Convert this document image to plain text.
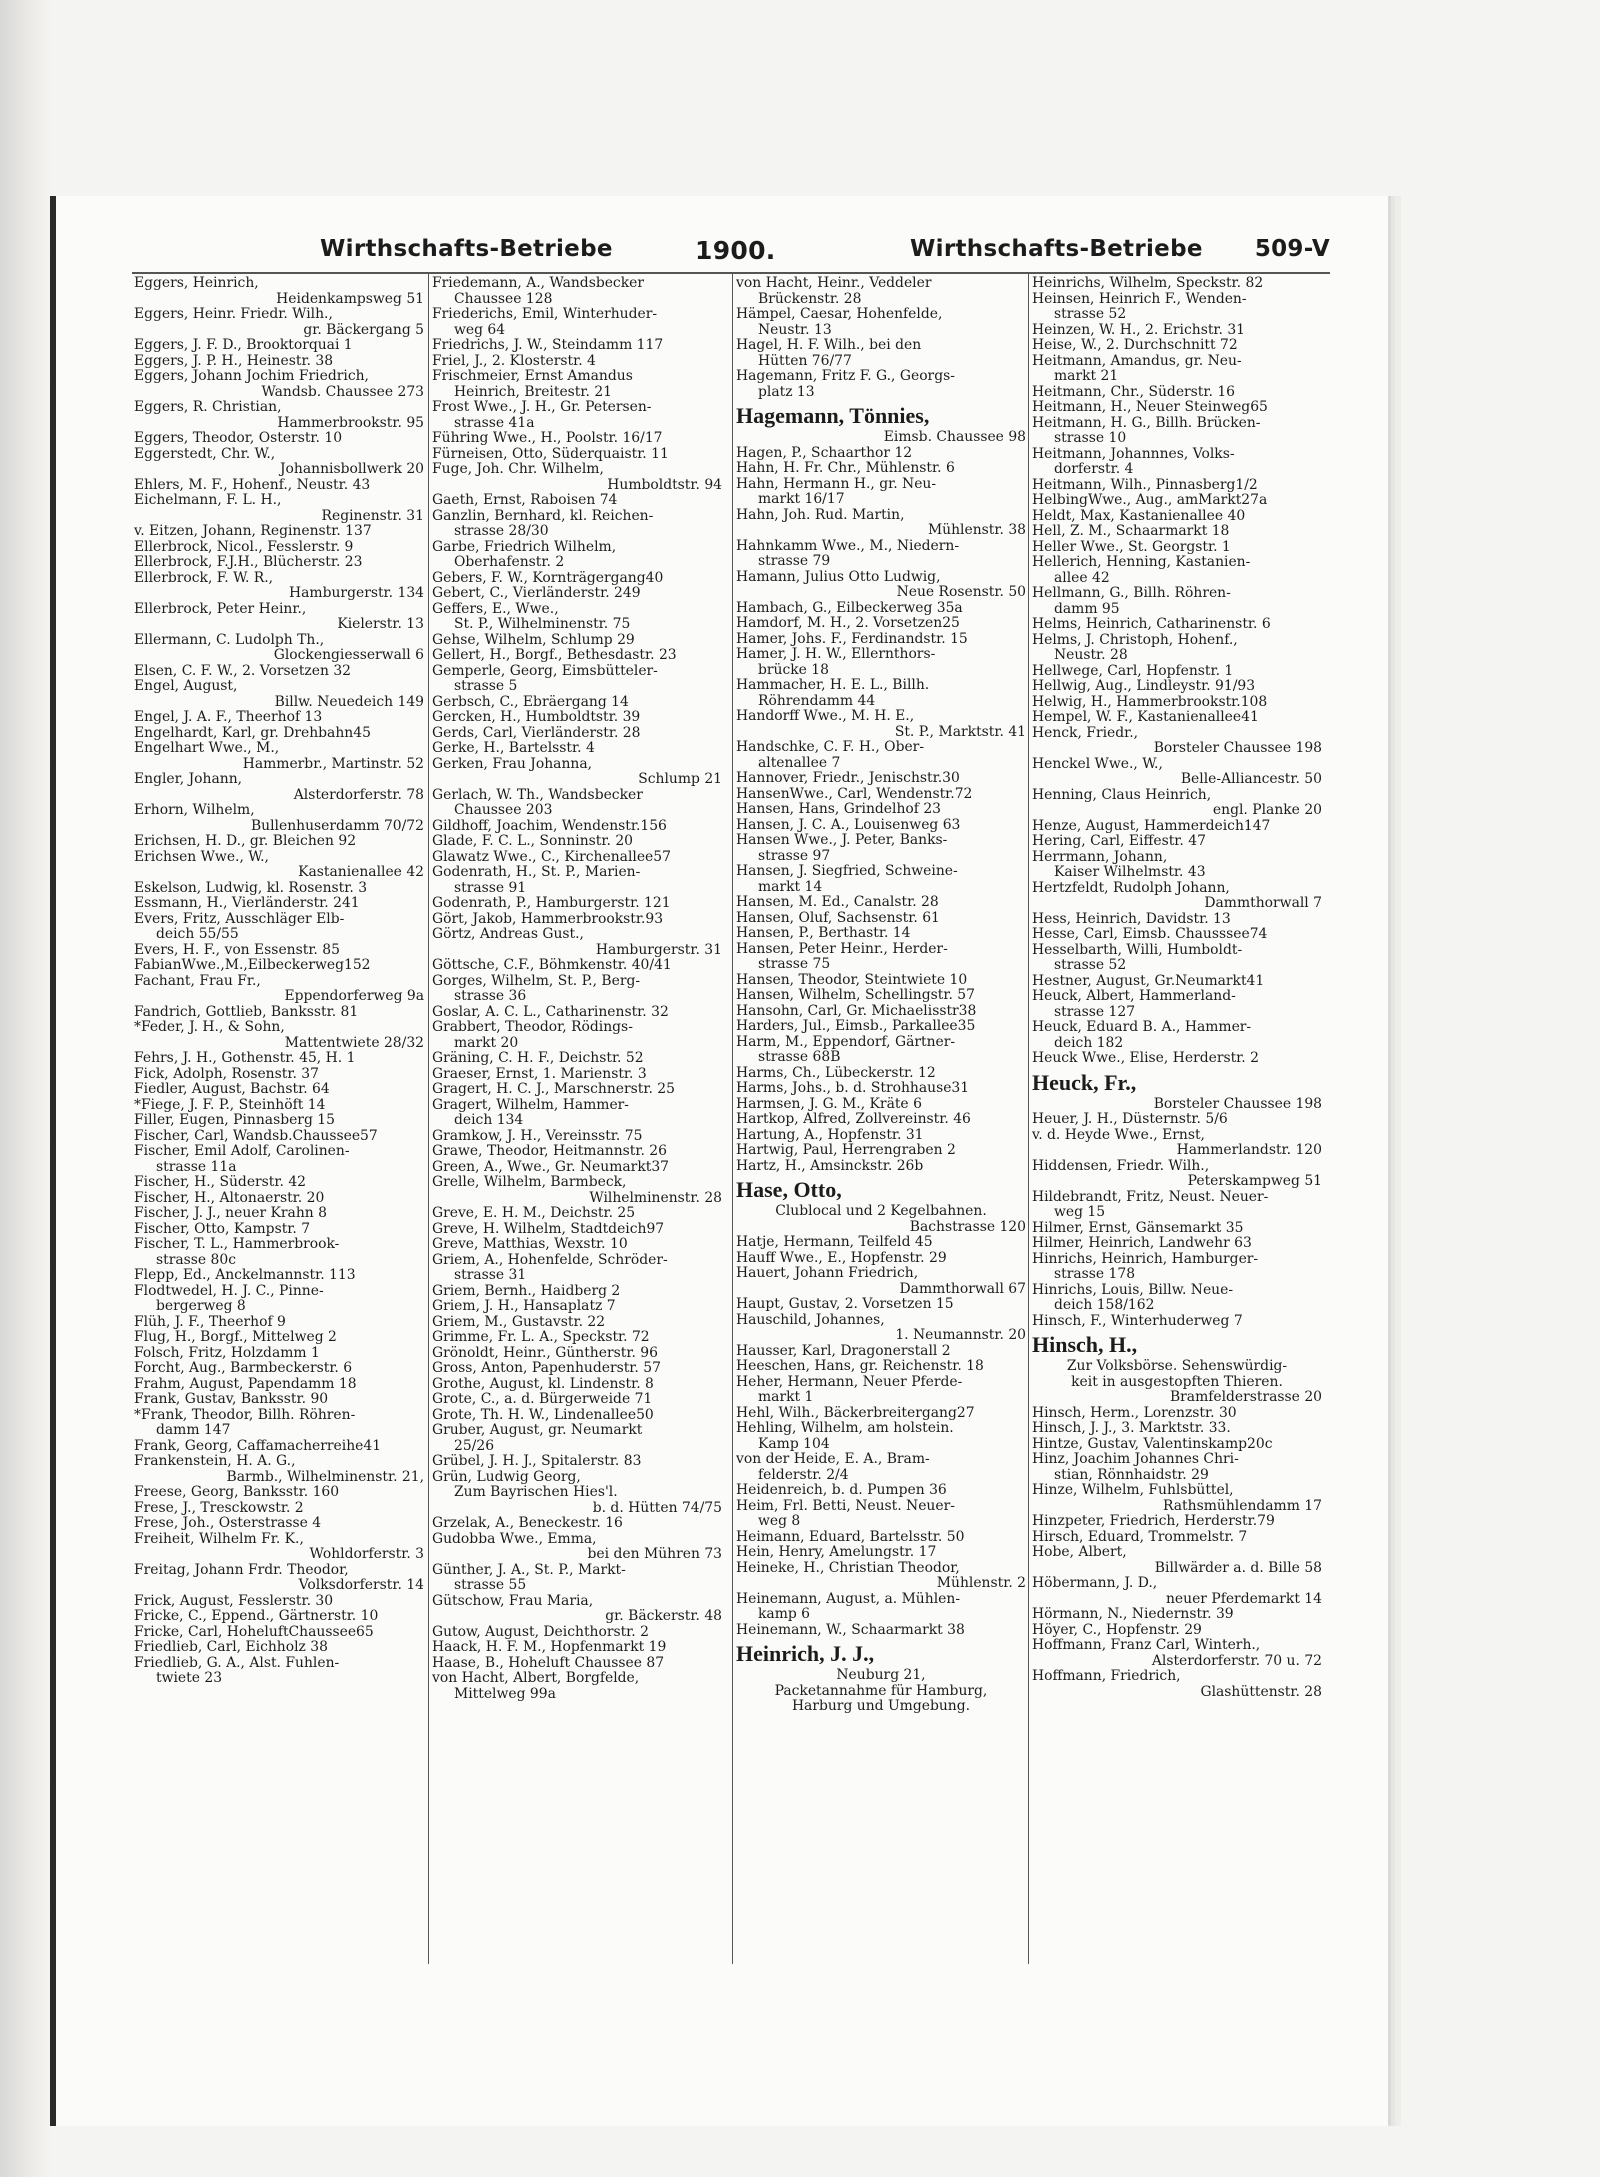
Wirthschafts-Betriebe	1900.	Wirthschafts-Betriebe 509-V
Eggers, Heinrich,
Heidenkampsweg 51
Eggers, Heinr. Friedr. Wilh.,
gr. Bäckergang 5
Eggers, J. F. D., Brooktorquai 1
Eggers, J. P. H., Heinestr. 38
Eggers, Johann Jochim Friedrich,
Wandsb. Chaussee 273
Eggers, R. Christian,
Hammerbrookstr. 95
Eggers, Theodor, Osterstr. 10
Eggerstedt, Chr. W.,
Johannisbollwerk 20
Ehlers, M. F., Hohenf., Neustr. 43
Eichelmann, F. L. H.,
Reginenstr. 31
v. Eitzen, Johann, Reginenstr. 137
Ellerbrock, Nicol., Fesslerstr. 9
Ellerbrock, F.J.H., Blücherstr. 23
Ellerbrock, F. W. R.,
Hamburgerstr. 134
Ellerbrock, Peter Heinr.,
Kielerstr. 13
Ellermann, C. Ludolph Th.,
Glockengiesserwall 6
Elsen, C. F. W., 2. Vorsetzen 32
Engel, August,
Billw. Neuedeich 149
Engel, J. A. F., Theerhof 13
Engelhardt, Karl, gr. Drehbahn45
Engelhart Wwe., M.,
Hammerbr., Martinstr. 52
Engler, Johann,
Alsterdorferstr. 78
Erhorn, Wilhelm,
Bullenhuserdamm 70/72
Erichsen, H. D., gr. Bleichen 92
Erichsen Wwe., W.,
Kastanienallee 42
Eskelson, Ludwig, kl. Rosenstr. 3
Essmann, H., Vierländerstr. 241
Evers, Fritz, Ausschläger Elb-
deich 55/55
Evers, H. F., von Essenstr. 85
FabianWwe.,M.,Eilbeckerweg152
Fachant, Frau Fr.,
Eppendorferweg 9a
Fandrich, Gottlieb, Banksstr. 81
*Feder, J. H., & Sohn,
Mattentwiete 28/32
Fehrs, J. H., Gothenstr. 45, H. 1
Fick, Adolph, Rosenstr. 37
Fiedler, August, Bachstr. 64
*Fiege, J. F. P., Steinhöft 14
Filler, Eugen, Pinnasberg 15
Fischer, Carl, Wandsb.Chaussee57
Fischer, Emil Adolf, Carolinen-
strasse 11a
Fischer, H., Süderstr. 42
Fischer, H., Altonaerstr. 20
Fischer, J. J., neuer Krahn 8
Fischer, Otto, Kampstr. 7
Fischer, T. L., Hammerbrook-
strasse 80c
Flepp, Ed., Anckelmannstr. 113
Flodtwedel, H. J. C., Pinne-
bergerweg 8
Flüh, J. F., Theerhof 9
Flug, H., Borgf., Mittelweg 2
Folsch, Fritz, Holzdamm 1
Forcht, Aug., Barmbeckerstr. 6
Frahm, August, Papendamm 18
Frank, Gustav, Banksstr. 90
*Frank, Theodor, Billh. Röhren-
damm 147
Frank, Georg, Caffamacherreihe41
Frankenstein, H. A. G.,
Barmb., Wilhelminenstr. 21,
Freese, Georg, Banksstr. 160
Frese, J., Tresckowstr. 2
Frese, Joh., Osterstrasse 4
Freiheit, Wilhelm Fr. K.,
Wohldorferstr. 3
Freitag, Johann Frdr. Theodor,
Volksdorferstr. 14
Frick, August, Fesslerstr. 30
Fricke, C., Eppend., Gärtnerstr. 10
Fricke, Carl, HoheluftChaussee65
Friedlieb, Carl, Eichholz 38
Friedlieb, G. A., Alst. Fuhlen-
twiete 23
Friedemann, A., Wandsbecker
Chaussee 128
Friederichs, Emil, Winterhuder-
weg 64
Friedrichs, J. W., Steindamm 117
Friel, J., 2. Klosterstr. 4
Frischmeier, Ernst Amandus
Heinrich, Breitestr. 21
Frost Wwe., J. H., Gr. Petersen-
strasse 41a
Führing Wwe., H., Poolstr. 16/17
Fürneisen, Otto, Süderquaistr. 11
Fuge, Joh. Chr. Wilhelm,
Humboldtstr. 94
Gaeth, Ernst, Raboisen 74
Ganzlin, Bernhard, kl. Reichen-
strasse 28/30
Garbe, Friedrich Wilhelm,
Oberhafenstr. 2
Gebers, F. W., Kornträgergang40
Gebert, C., Vierländerstr. 249
Geffers, E., Wwe.,
St. P., Wilhelminenstr. 75
Gehse, Wilhelm, Schlump 29
Gellert, H., Borgf., Bethesdastr. 23
Gemperle, Georg, Eimsbütteler-
strasse 5
Gerbsch, C., Ebräergang 14
Gercken, H., Humboldtstr. 39
Gerds, Carl, Vierländerstr. 28
Gerke, H., Bartelsstr. 4
Gerken, Frau Johanna,
Schlump 21
Gerlach, W. Th., Wandsbecker
Chaussee 203
Gildhoff, Joachim, Wendenstr.156
Glade, F. C. L., Sonninstr. 20
Glawatz Wwe., C., Kirchenallee57
Godenrath, H., St. P., Marien-
strasse 91
Godenrath, P., Hamburgerstr. 121
Gört, Jakob, Hammerbrookstr.93
Görtz, Andreas Gust.,
Hamburgerstr. 31
Göttsche, C.F., Böhmkenstr. 40/41
Gorges, Wilhelm, St. P., Berg-
strasse 36
Goslar, A. C. L., Catharinenstr. 32
Grabbert, Theodor, Rödings-
markt 20
Gräning, C. H. F., Deichstr. 52
Graeser, Ernst, 1. Marienstr. 3
Gragert, H. C. J., Marschnerstr. 25
Gragert, Wilhelm, Hammer-
deich 134
Gramkow, J. H., Vereinsstr. 75
Grawe, Theodor, Heitmannstr. 26
Green, A., Wwe., Gr. Neumarkt37
Grelle, Wilhelm, Barmbeck,
Wilhelminenstr. 28
Greve, E. H. M., Deichstr. 25
Greve, H. Wilhelm, Stadtdeich97
Greve, Matthias, Wexstr. 10
Griem, A., Hohenfelde, Schröder-
strasse 31
Griem, Bernh., Haidberg 2
Griem, J. H., Hansaplatz 7
Griem, M., Gustavstr. 22
Grimme, Fr. L. A., Speckstr. 72
Grönoldt, Heinr., Güntherstr. 96
Gross, Anton, Papenhuderstr. 57
Grothe, August, kl. Lindenstr. 8
Grote, C., a. d. Bürgerweide 71
Grote, Th. H. W., Lindenallee50
Gruber, August, gr. Neumarkt
25/26
Grübel, J. H. J., Spitalerstr. 83
Grün, Ludwig Georg,
Zum Bayrischen Hies'l.
b. d. Hütten 74/75
Grzelak, A., Beneckestr. 16
Gudobba Wwe., Emma,
bei den Mühren 73
Günther, J. A., St. P., Markt-
strasse 55
Gütschow, Frau Maria,
gr. Bäckerstr. 48
Gutow, August, Deichthorstr. 2
Haack, H. F. M., Hopfenmarkt 19
Haase, B., Hoheluft Chaussee 87
von Hacht, Albert, Borgfelde,
Mittelweg 99a
von Hacht, Heinr., Veddeler
Brückenstr. 28
Hämpel, Caesar, Hohenfelde,
Neustr. 13
Hagel, H. F. Wilh., bei den
Hütten 76/77
Hagemann, Fritz F. G., Georgs-
platz 13
Hagemann, Tönnies,
Eimsb. Chaussee 98
Hagen, P., Schaarthor 12
Hahn, H. Fr. Chr., Mühlenstr. 6
Hahn, Hermann H., gr. Neu-
markt 16/17
Hahn, Joh. Rud. Martin,
Mühlenstr. 38
Hahnkamm Wwe., M., Niedern-
strasse 79
Hamann, Julius Otto Ludwig,
Neue Rosenstr. 50
Hambach, G., Eilbeckerweg 35a
Hamdorf, M. H., 2. Vorsetzen25
Hamer, Johs. F., Ferdinandstr. 15
Hamer, J. H. W., Ellernthors-
brücke 18
Hammacher, H. E. L., Billh.
Röhrendamm 44
Handorff Wwe., M. H. E.,
St. P., Marktstr. 41
Handschke, C. F. H., Ober-
altenallee 7
Hannover, Friedr., Jenischstr.30
HansenWwe., Carl, Wendenstr.72
Hansen, Hans, Grindelhof 23
Hansen, J. C. A., Louisenweg 63
Hansen Wwe., J. Peter, Banks-
strasse 97
Hansen, J. Siegfried, Schweine-
markt 14
Hansen, M. Ed., Canalstr. 28
Hansen, Oluf, Sachsenstr. 61
Hansen, P., Berthastr. 14
Hansen, Peter Heinr., Herder-
strasse 75
Hansen, Theodor, Steintwiete 10
Hansen, Wilhelm, Schellingstr. 57
Hansohn, Carl, Gr. Michaelisstr38
Harders, Jul., Eimsb., Parkallee35
Harm, M., Eppendorf, Gärtner-
strasse 68B
Harms, Ch., Lübeckerstr. 12
Harms, Johs., b. d. Strohhause31
Harmsen, J. G. M., Kräte 6
Hartkop, Alfred, Zollvereinstr. 46
Hartung, A., Hopfenstr. 31
Hartwig, Paul, Herrengraben 2
Hartz, H., Amsinckstr. 26b
Hase, Otto,
Clublocal und 2 Kegelbahnen.
Bachstrasse 120
Hatje, Hermann, Teilfeld 45
Hauff Wwe., E., Hopfenstr. 29
Hauert, Johann Friedrich,
Dammthorwall 67
Haupt, Gustav, 2. Vorsetzen 15
Hauschild, Johannes,
1. Neumannstr. 20
Hausser, Karl, Dragonerstall 2
Heeschen, Hans, gr. Reichenstr. 18
Heher, Hermann, Neuer Pferde-
markt 1
Hehl, Wilh., Bäckerbreitergang27
Hehling, Wilhelm, am holstein.
Kamp 104
von der Heide, E. A., Bram-
felderstr. 2/4
Heidenreich, b. d. Pumpen 36
Heim, Frl. Betti, Neust. Neuer-
weg 8
Heimann, Eduard, Bartelsstr. 50
Hein, Henry, Amelungstr. 17
Heineke, H., Christian Theodor,
Mühlenstr. 2
Heinemann, August, a. Mühlen-
kamp 6
Heinemann, W., Schaarmarkt 38
Heinrich, J. J.,
Neuburg 21,
Packetannahme für Hamburg,
Harburg und Umgebung.
Heinrichs, Wilhelm, Speckstr. 82
Heinsen, Heinrich F., Wenden-
strasse 52
Heinzen, W. H., 2. Erichstr. 31
Heise, W., 2. Durchschnitt 72
Heitmann, Amandus, gr. Neu-
markt 21
Heitmann, Chr., Süderstr. 16
Heitmann, H., Neuer Steinweg65
Heitmann, H. G., Billh. Brücken-
strasse 10
Heitmann, Johannnes, Volks-
dorferstr. 4
Heitmann, Wilh., Pinnasberg1/2
HelbingWwe., Aug., amMarkt27a
Heldt, Max, Kastanienallee 40
Hell, Z. M., Schaarmarkt 18
Heller Wwe., St. Georgstr. 1
Hellerich, Henning, Kastanien-
allee 42
Hellmann, G., Billh. Röhren-
damm 95
Helms, Heinrich, Catharinenstr. 6
Helms, J. Christoph, Hohenf.,
Neustr. 28
Hellwege, Carl, Hopfenstr. 1
Hellwig, Aug., Lindleystr. 91/93
Helwig, H., Hammerbrookstr.108
Hempel, W. F., Kastanienallee41
Henck, Friedr.,
Borsteler Chaussee 198
Henckel Wwe., W.,
Belle-Alliancestr. 50
Henning, Claus Heinrich,
engl. Planke 20
Henze, August, Hammerdeich147
Hering, Carl, Eiffestr. 47
Herrmann, Johann,
Kaiser Wilhelmstr. 43
Hertzfeldt, Rudolph Johann,
Dammthorwall 7
Hess, Heinrich, Davidstr. 13
Hesse, Carl, Eimsb. Chausssee74
Hesselbarth, Willi, Humboldt-
strasse 52
Hestner, August, Gr.Neumarkt41
Heuck, Albert, Hammerland-
strasse 127
Heuck, Eduard B. A., Hammer-
deich 182
Heuck Wwe., Elise, Herderstr. 2
Heuck, Fr.,
Borsteler Chaussee 198
Heuer, J. H., Düsternstr. 5/6
v. d. Heyde Wwe., Ernst,
Hammerlandstr. 120
Hiddensen, Friedr. Wilh.,
Peterskampweg 51
Hildebrandt, Fritz, Neust. Neuer-
weg 15
Hilmer, Ernst, Gänsemarkt 35
Hilmer, Heinrich, Landwehr 63
Hinrichs, Heinrich, Hamburger-
strasse 178
Hinrichs, Louis, Billw. Neue-
deich 158/162
Hinsch, F., Winterhuderweg 7
Hinsch, H.,
Zur Volksbörse. Sehenswürdig-
keit in ausgestopften Thieren.
Bramfelderstrasse 20
Hinsch, Herm., Lorenzstr. 30
Hinsch, J. J., 3. Marktstr. 33.
Hintze, Gustav, Valentinskamp20c
Hinz, Joachim Johannes Chri-
stian, Rönnhaidstr. 29
Hinze, Wilhelm, Fuhlsbüttel,
Rathsmühlendamm 17
Hinzpeter, Friedrich, Herderstr.79
Hirsch, Eduard, Trommelstr. 7
Hobe, Albert,
Billwärder a. d. Bille 58
Höbermann, J. D.,
neuer Pferdemarkt 14
Hörmann, N., Niedernstr. 39
Höyer, C., Hopfenstr. 29
Hoffmann, Franz Carl, Winterh.,
Alsterdorferstr. 70 u. 72
Hoffmann, Friedrich,
Glashüttenstr. 28
